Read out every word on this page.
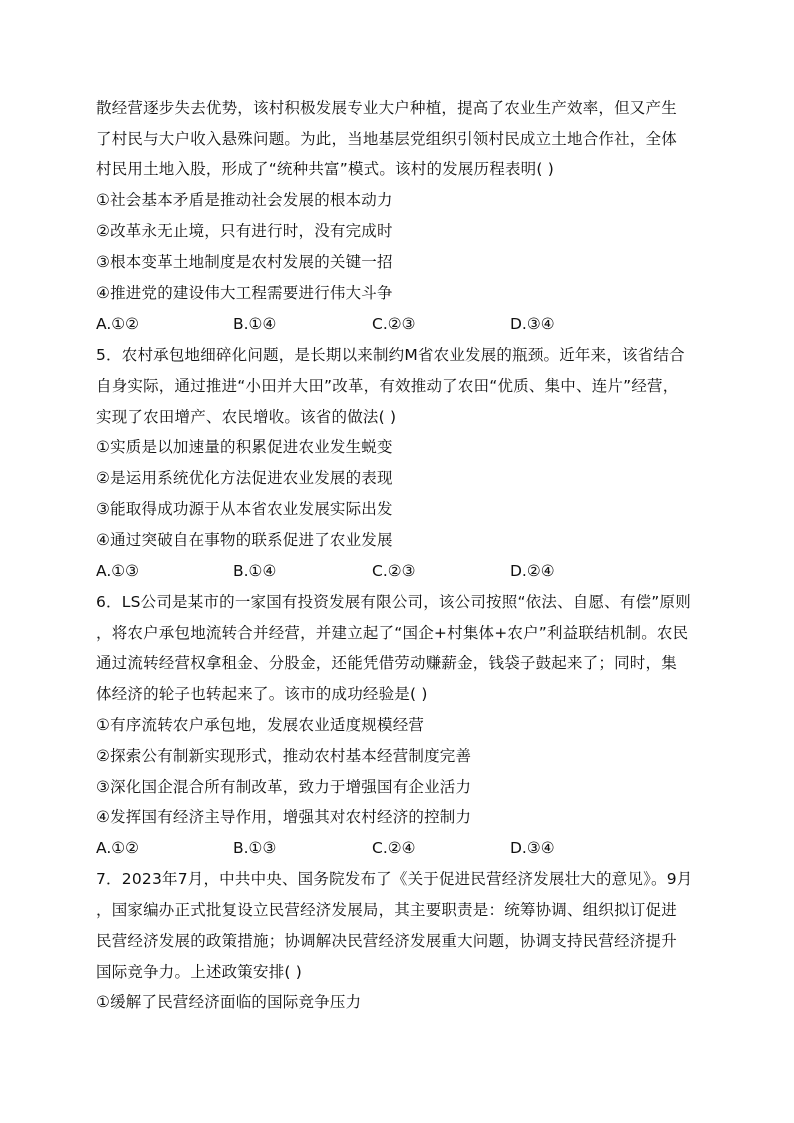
散经营逐步失去优势，该村积极发展专业大户种植，提高了农业生产效率，但又产生
了村民与大户收入悬殊问题。为此，当地基层党组织引领村民成立土地合作社，全体
村民用土地入股，形成了“统种共富”模式。该村的发展历程表明( )
①社会基本矛盾是推动社会发展的根本动力
②改革永无止境，只有进行时，没有完成时
③根本变革土地制度是农村发展的关键一招
④推进党的建设伟大工程需要进行伟大斗争
A.①②	B.①④	C.②③	D.③④
5．农村承包地细碎化问题，是长期以来制约M省农业发展的瓶颈。近年来，该省结合
自身实际，通过推进“小田并大田”改革，有效推动了农田“优质、集中、连片”经营，
实现了农田增产、农民增收。该省的做法( )
①实质是以加速量的积累促进农业发生蜕变
②是运用系统优化方法促进农业发展的表现
③能取得成功源于从本省农业发展实际出发
④通过突破自在事物的联系促进了农业发展
A.①③	B.①④	C.②③	D.②④
6．LS公司是某市的一家国有投资发展有限公司，该公司按照“依法、自愿、有偿”原则
，将农户承包地流转合并经营，并建立起了“国企+村集体+农户”利益联结机制。农民
通过流转经营权拿租金、分股金，还能凭借劳动赚薪金，钱袋子鼓起来了；同时，集
体经济的轮子也转起来了。该市的成功经验是( )
①有序流转农户承包地，发展农业适度规模经营
②探索公有制新实现形式，推动农村基本经营制度完善
③深化国企混合所有制改革，致力于增强国有企业活力
④发挥国有经济主导作用，增强其对农村经济的控制力
A.①②	B.①③	C.②④	D.③④
7．2023年7月，中共中央、国务院发布了《关于促进民营经济发展壮大的意见》。9月
，国家编办正式批复设立民营经济发展局，其主要职责是：统筹协调、组织拟订促进
民营经济发展的政策措施；协调解决民营经济发展重大问题，协调支持民营经济提升
国际竞争力。上述政策安排( )
①缓解了民营经济面临的国际竞争压力
